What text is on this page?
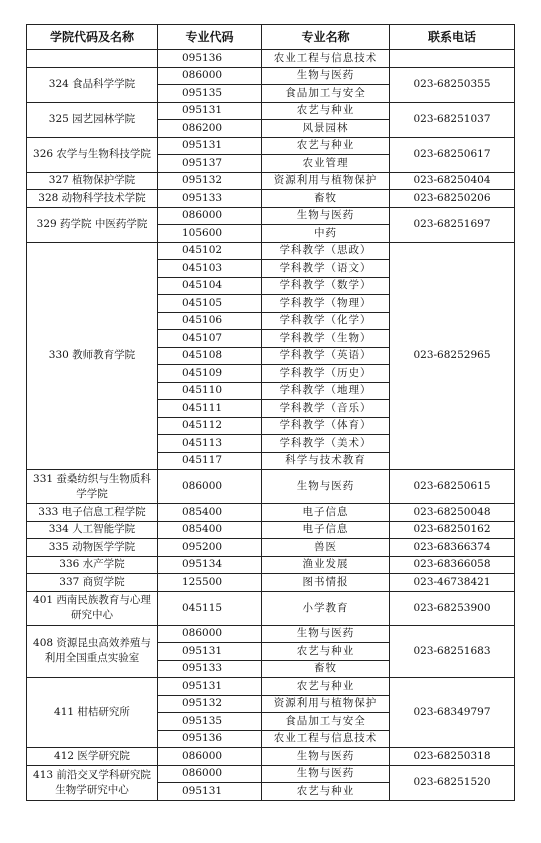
学院代码及名称	专业代码	专业名称	联系电话
	095136	农业工程与信息技术	
324 食品科学学院	086000	生物与医药	023-68250355
	095135	食品加工与安全	
325 园艺园林学院	095131	农艺与种业	023-68251037
	086200	风景园林	
326 农学与生物科技学院	095131	农艺与种业	023-68250617
	095137	农业管理	
327 植物保护学院	095132	资源利用与植物保护	023-68250404
328 动物科学技术学院	095133	畜牧	023-68250206
329 药学院 中医药学院	086000	生物与医药	023-68251697
	105600	中药	
330 教师教育学院	045102	学科教学（思政）	023-68252965
	045103	学科教学（语文）	
	045104	学科教学（数学）	
	045105	学科教学（物理）	
	045106	学科教学（化学）	
	045107	学科教学（生物）	
	045108	学科教学（英语）	
	045109	学科教学（历史）	
	045110	学科教学（地理）	
	045111	学科教学（音乐）	
	045112	学科教学（体育）	
	045113	学科教学（美术）	
	045117	科学与技术教育	
331 蚕桑纺织与生物质科学学院	086000	生物与医药	023-68250615
333 电子信息工程学院	085400	电子信息	023-68250048
334 人工智能学院	085400	电子信息	023-68250162
335 动物医学学院	095200	兽医	023-68366374
336 水产学院	095134	渔业发展	023-68366058
337 商贸学院	125500	图书情报	023-46738421
401 西南民族教育与心理研究中心	045115	小学教育	023-68253900
408 资源昆虫高效养殖与利用全国重点实验室	086000	生物与医药	023-68251683
	095131	农艺与种业	
	095133	畜牧	
411 柑桔研究所	095131	农艺与种业	023-68349797
	095132	资源利用与植物保护	
	095135	食品加工与安全	
	095136	农业工程与信息技术	
412 医学研究院	086000	生物与医药	023-68250318
413 前沿交叉学科研究院生物学研究中心	086000	生物与医药	023-68251520
	095131	农艺与种业	
